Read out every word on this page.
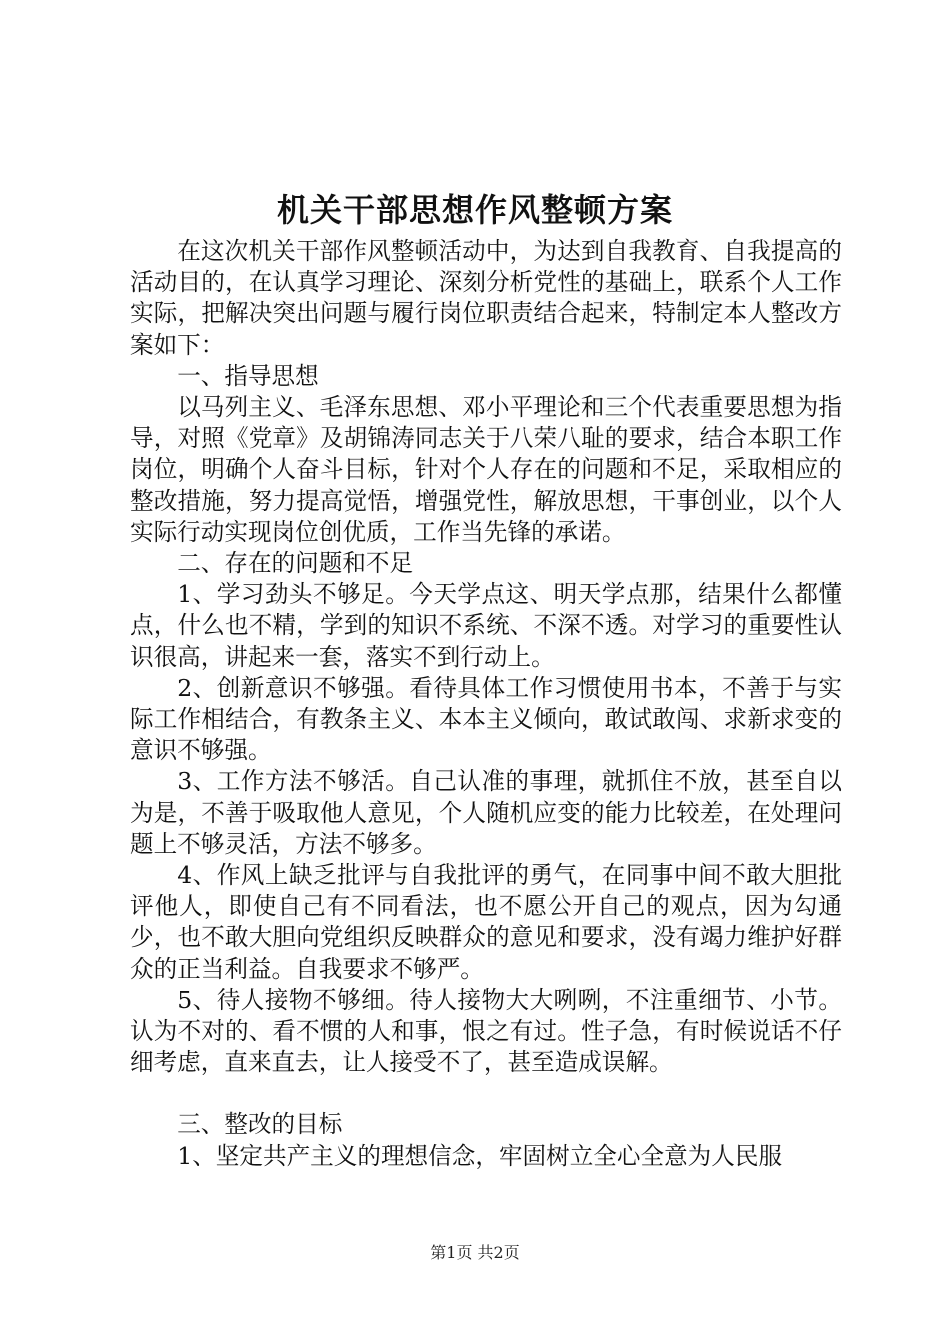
机关干部思想作风整顿方案

在这次机关干部作风整顿活动中，为达到自我教育、自我提高的活动目的，在认真学习理论、深刻分析党性的基础上，联系个人工作实际，把解决突出问题与履行岗位职责结合起来，特制定本人整改方案如下：

一、指导思想

以马列主义、毛泽东思想、邓小平理论和三个代表重要思想为指导，对照《党章》及胡锦涛同志关于八荣八耻的要求，结合本职工作岗位，明确个人奋斗目标，针对个人存在的问题和不足，采取相应的整改措施，努力提高觉悟，增强党性，解放思想，干事创业，以个人实际行动实现岗位创优质，工作当先锋的承诺。

二、存在的问题和不足

1、学习劲头不够足。今天学点这、明天学点那，结果什么都懂点，什么也不精，学到的知识不系统、不深不透。对学习的重要性认识很高，讲起来一套，落实不到行动上。

2、创新意识不够强。看待具体工作习惯使用书本，不善于与实际工作相结合，有教条主义、本本主义倾向，敢试敢闯、求新求变的意识不够强。

3、工作方法不够活。自己认准的事理，就抓住不放，甚至自以为是，不善于吸取他人意见，个人随机应变的能力比较差，在处理问题上不够灵活，方法不够多。

4、作风上缺乏批评与自我批评的勇气，在同事中间不敢大胆批评他人，即使自己有不同看法，也不愿公开自己的观点，因为勾通少，也不敢大胆向党组织反映群众的意见和要求，没有竭力维护好群众的正当利益。自我要求不够严。

5、待人接物不够细。待人接物大大咧咧，不注重细节、小节。认为不对的、看不惯的人和事，恨之有过。性子急，有时候说话不仔细考虑，直来直去，让人接受不了，甚至造成误解。

三、整改的目标

1、坚定共产主义的理想信念，牢固树立全心全意为人民服

第1页 共2页
